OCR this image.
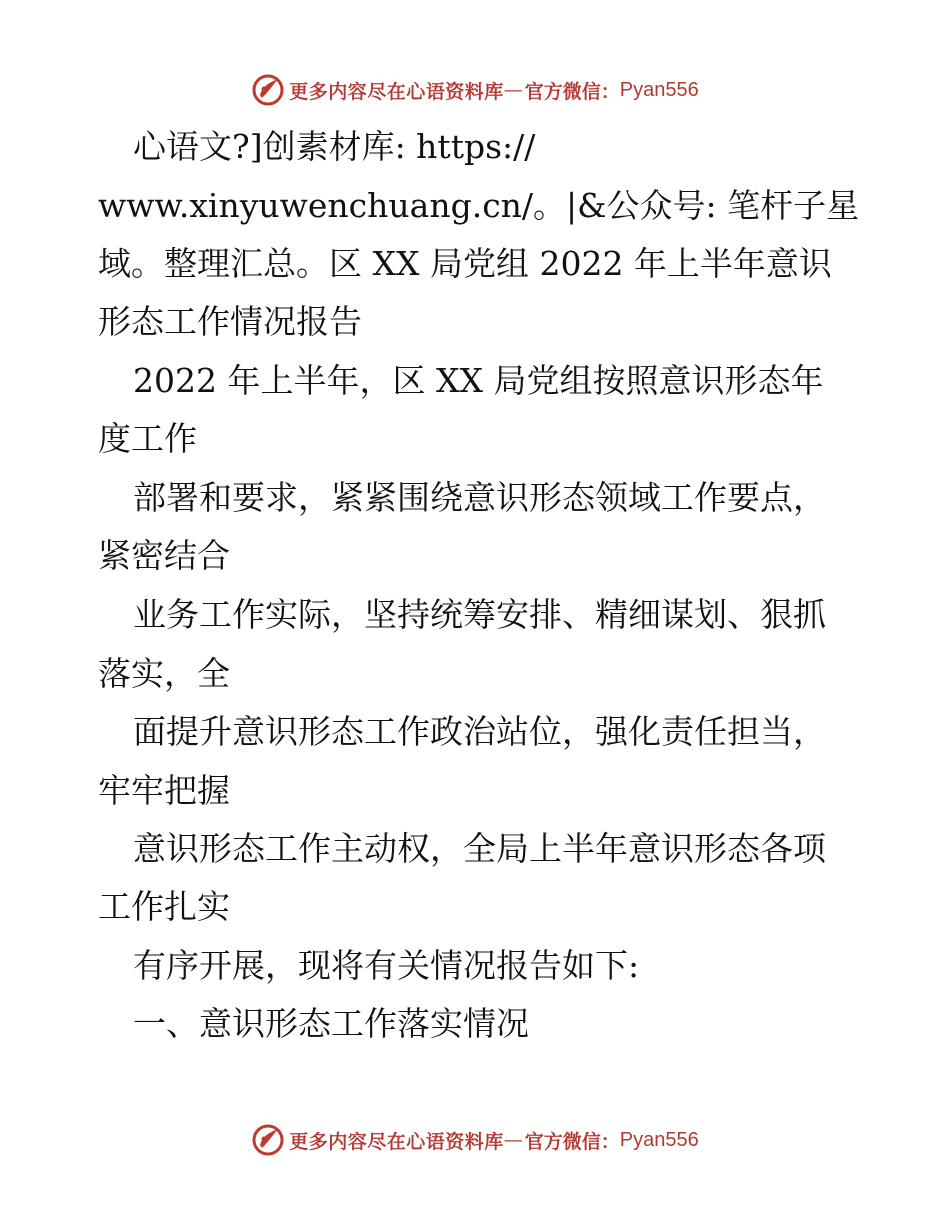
更多内容尽在心语资料库 — 官方微信： Pyan556
心语文?]创素材库: https://
www.xinyuwenchuang.cn/。|&公众号: 笔杆子星
域。整理汇总。区 XX 局党组 2022 年上半年意识
形态工作情况报告
2022 年上半年，区 XX 局党组按照意识形态年
度工作
部署和要求，紧紧围绕意识形态领域工作要点，
紧密结合
业务工作实际，坚持统筹安排、精细谋划、狠抓
落实，全
面提升意识形态工作政治站位，强化责任担当，
牢牢把握
意识形态工作主动权，全局上半年意识形态各项
工作扎实
有序开展，现将有关情况报告如下:
一、意识形态工作落实情况
更多内容尽在心语资料库 — 官方微信： Pyan556
